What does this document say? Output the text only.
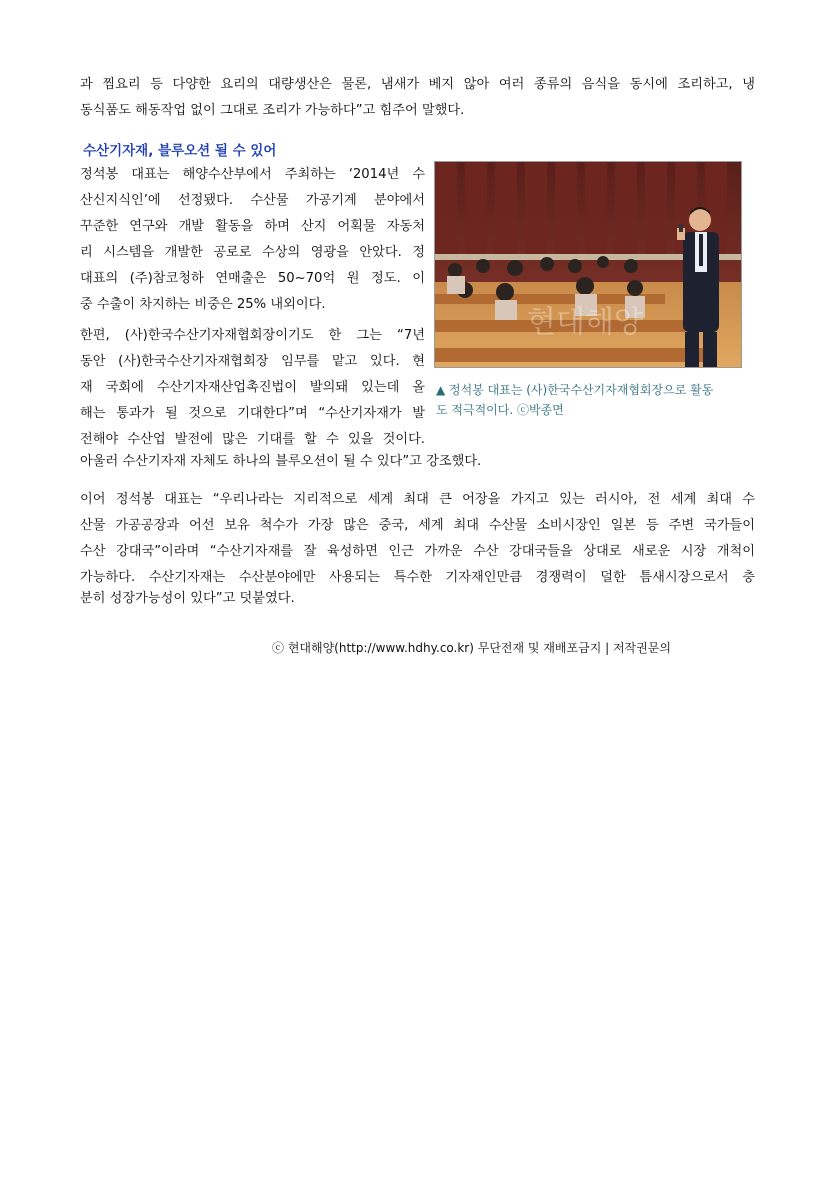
과 찜요리 등 다양한 요리의 대량생산은 물론, 냄새가 베지 않아 여러 종류의 음식을 동시에 조리하고, 냉
동식품도 해동작업 없이 그대로 조리가 가능하다”고 힘주어 말했다.
수산기자재, 블루오션 될 수 있어
정석봉 대표는 해양수산부에서 주최하는 ‘2014년 수
산신지식인’에 선정됐다. 수산물 가공기계 분야에서
꾸준한 연구와 개발 활동을 하며 산지 어획물 자동처
리 시스템을 개발한 공로로 수상의 영광을 안았다. 정
대표의 (주)참코청하 연매출은 50~70억 원 정도. 이
중 수출이 차지하는 비중은 25% 내외이다.
한편, (사)한국수산기자재협회장이기도 한 그는 “7년
동안 (사)한국수산기자재협회장 임무를 맡고 있다. 현
재 국회에 수산기자재산업촉진법이 발의돼 있는데 올
해는 통과가 될 것으로 기대한다”며 “수산기자재가 발
전해야 수산업 발전에 많은 기대를 할 수 있을 것이다.
아울러 수산기자재 자체도 하나의 블루오션이 될 수 있다”고 강조했다.
현대해양
▲ 정석봉 대표는 (사)한국수산기자재협회장으로 활동
도 적극적이다. ⓒ박종면
이어 정석봉 대표는 “우리나라는 지리적으로 세계 최대 큰 어장을 가지고 있는 러시아, 전 세계 최대 수
산물 가공공장과 어선 보유 척수가 가장 많은 중국, 세계 최대 수산물 소비시장인 일본 등 주변 국가들이
수산 강대국”이라며 “수산기자재를 잘 육성하면 인근 가까운 수산 강대국들을 상대로 새로운 시장 개척이
가능하다. 수산기자재는 수산분야에만 사용되는 특수한 기자재인만큼 경쟁력이 덜한 틈새시장으로서 충
분히 성장가능성이 있다”고 덧붙였다.
ⓒ 현대해양(http://www.hdhy.co.kr) 무단전재 및 재배포금지 | 저작권문의
